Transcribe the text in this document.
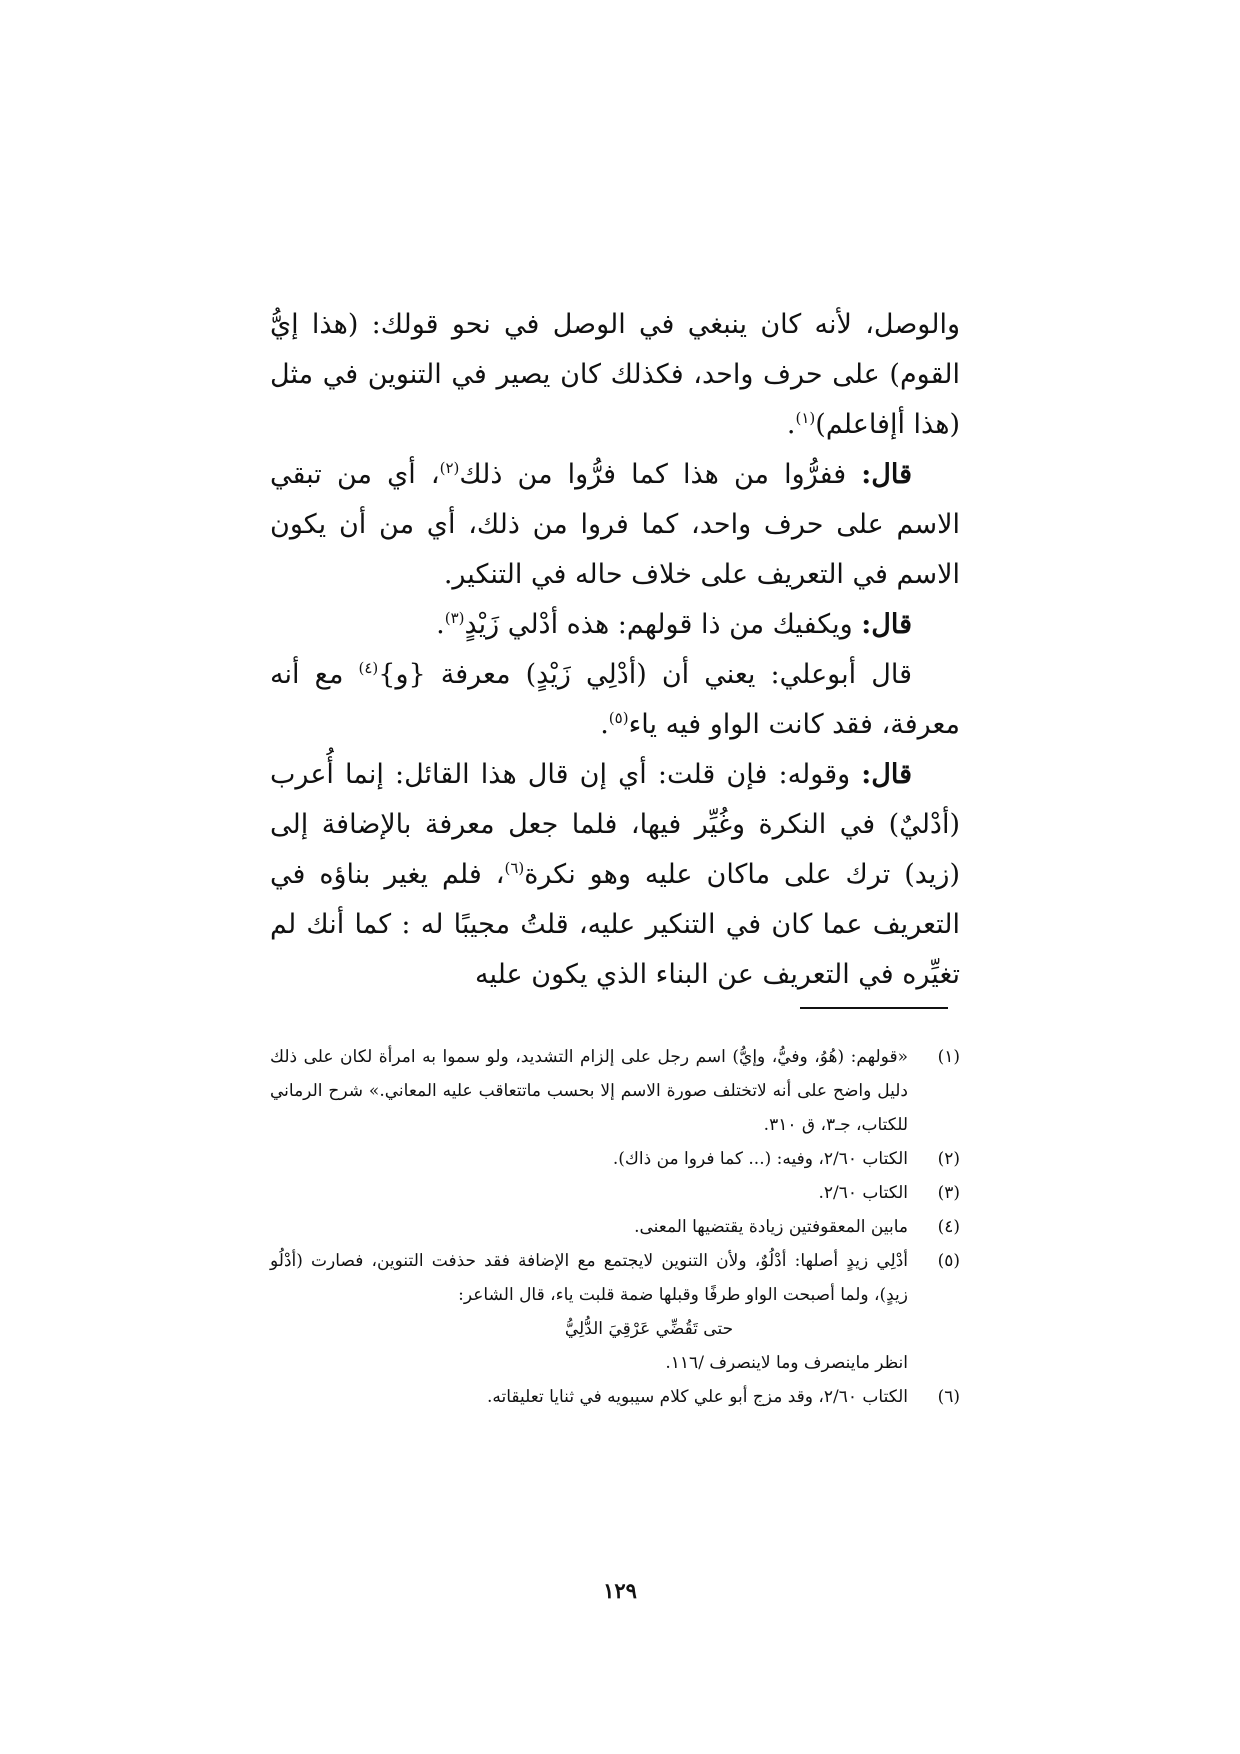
والوصل، لأنه كان ينبغي في الوصل في نحو قولك: (هذا إيُّ القوم) على حرف واحد، فكذلك كان يصير في التنوين في مثل (هذا أإفاعلم)$^{(١)}$.

قال: ففرُّوا من هذا كما فرُّوا من ذلك$^{(٢)}$، أي من تبقي الاسم على حرف واحد، كما فروا من ذلك، أي من أن يكون الاسم في التعريف على خلاف حاله في التنكير.

قال: ويكفيك من ذا قولهم: هذه أدْلي زَيْدٍ$^{(٣)}$.

قال أبوعلي: يعني أن (أدْلِي زَيْدٍ) معرفة {و}$^{(٤)}$ مع أنه معرفة، فقد كانت الواو فيه ياء$^{(٥)}$.

قال: وقوله: فإن قلت: أي إن قال هذا القائل: إنما أُعرب (أدْليٌ) في النكرة وغُيِّر فيها، فلما جعل معرفة بالإضافة إلى (زيد) ترك على ماكان عليه وهو نكرة$^{(٦)}$، فلم يغير بناؤه في التعريف عما كان في التنكير عليه، قلتُ مجيبًا له : كما أنك لم تغيِّره في التعريف عن البناء الذي يكون عليه

(١)
«قولهم: (هُوُ، وفيُّ، وإيُّ) اسم رجل على إلزام التشديد، ولو سموا به امرأة لكان على ذلك دليل واضح على أنه لاتختلف صورة الاسم إلا بحسب ماتتعاقب عليه المعاني.» شرح الرماني للكتاب، جـ٣، ق ٣١٠.
(٢)
الكتاب ٢/٦٠، وفيه: (... كما فروا من ذاك).
(٣)
الكتاب ٢/٦٠.
(٤)
مابين المعقوفتين زيادة يقتضيها المعنى.
(٥)
أدْلِي زيدٍ أصلها: أدْلُوٌ، ولأن التنوين لايجتمع مع الإضافة فقد حذفت التنوين، فصارت (أدْلُو زيدٍ)، ولما أصبحت الواو طرفًا وقبلها ضمة قلبت ياء، قال الشاعر:
حتى تَقُضِّي عَرْقِيَ الدُّلِيُّ
انظر ماينصرف وما لاينصرف /١١٦.
(٦)
الكتاب ٢/٦٠، وقد مزج أبو علي كلام سيبويه في ثنايا تعليقاته.
١٢٩
